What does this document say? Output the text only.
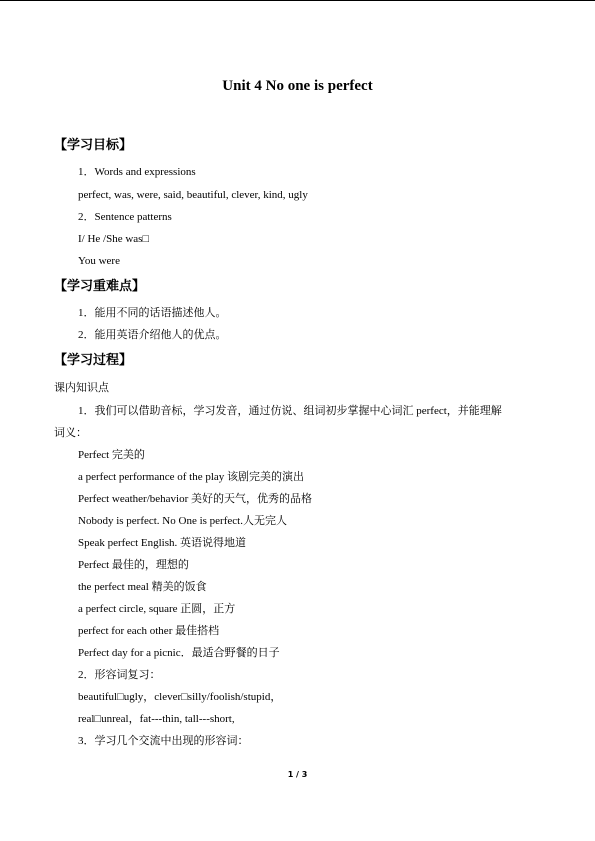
Unit 4 No one is perfect
【学习目标】
1．Words and expressions
perfect, was, were, said, beautiful, clever, kind, ugly
2．Sentence patterns
I/ He /She was□
You were
【学习重难点】
1．能用不同的话语描述他人。
2．能用英语介绍他人的优点。
【学习过程】
课内知识点
1．我们可以借助音标，学习发音，通过仿说、组词初步掌握中心词汇 perfect，并能理解
词义：
Perfect 完美的
a perfect performance of the play 该剧完美的演出
Perfect weather/behavior 美好的天气，优秀的品格
Nobody is perfect. No One is perfect.人无完人
Speak perfect English. 英语说得地道
Perfect 最佳的，理想的
the perfect meal 精美的饭食
a perfect circle, square 正圆，正方
perfect for each other 最佳搭档
Perfect day for a picnic．最适合野餐的日子
2．形容词复习：
beautiful□ugly，clever□silly/foolish/stupid，
real□unreal，fat---thin, tall---short,
3．学习几个交流中出现的形容词：
1 / 3
